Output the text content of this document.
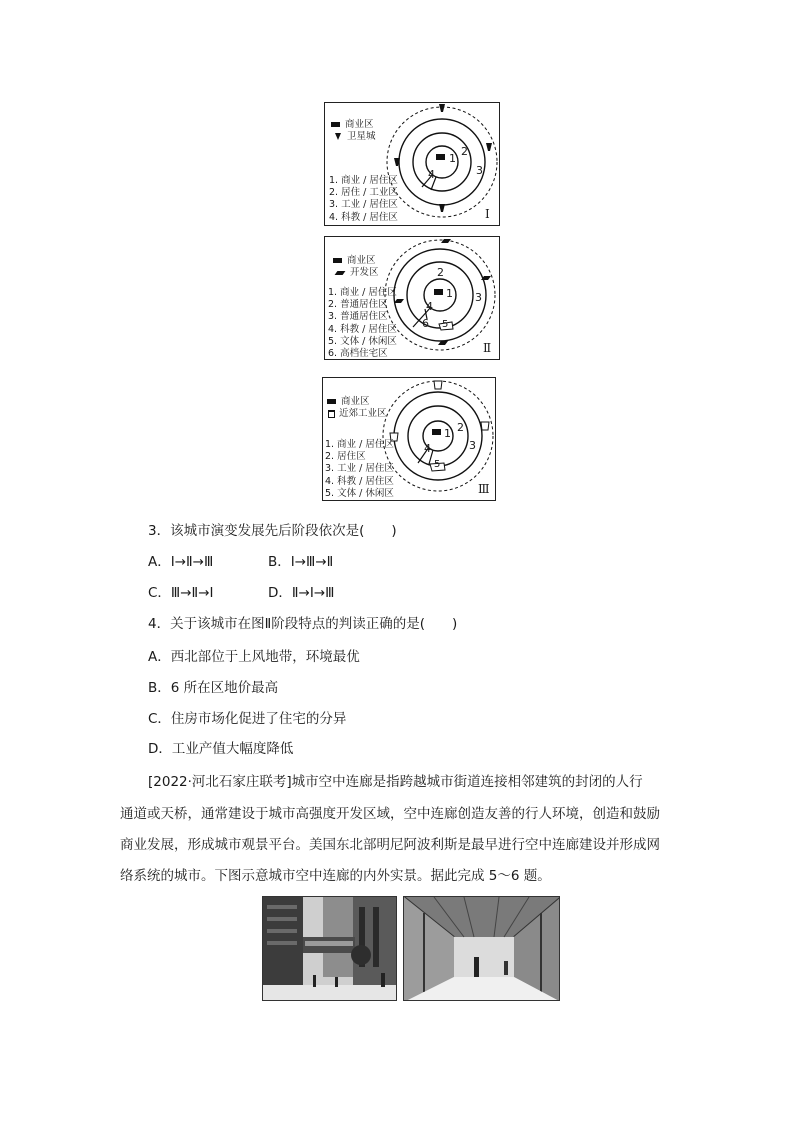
商业区
卫星城
1. 商业 / 居住区
2. 居住 / 工业区
3. 工业 / 居住区
4. 科教 / 居住区
1
2
3
4
Ⅰ
商业区
开发区
1. 商业 / 居住区
2. 普通居住区
3. 普通居住区
4. 科教 / 居住区
5. 文体 / 休闲区
6. 高档住宅区
1
2
3
4
5
6
Ⅱ
商业区
近郊工业区
1. 商业 / 居住区
2. 居住区
3. 工业 / 居住区
4. 科教 / 居住区
5. 文体 / 休闲区
1 2
3
4
5
Ⅲ
3．该城市演变发展先后阶段依次是(　　)
A．Ⅰ→Ⅱ→Ⅲ	B．Ⅰ→Ⅲ→Ⅱ
C．Ⅲ→Ⅱ→Ⅰ	D．Ⅱ→Ⅰ→Ⅲ
4．关于该城市在图Ⅱ阶段特点的判读正确的是(　　)
A．西北部位于上风地带，环境最优
B．6 所在区地价最高
C．住房市场化促进了住宅的分异
D．工业产值大幅度降低
[2022·河北石家庄联考]城市空中连廊是指跨越城市街道连接相邻建筑的封闭的人行
通道或天桥，通常建设于城市高强度开发区域，空中连廊创造友善的行人环境，创造和鼓励
商业发展，形成城市观景平台。美国东北部明尼阿波利斯是最早进行空中连廊建设并形成网
络系统的城市。下图示意城市空中连廊的内外实景。据此完成 5～6 题。
